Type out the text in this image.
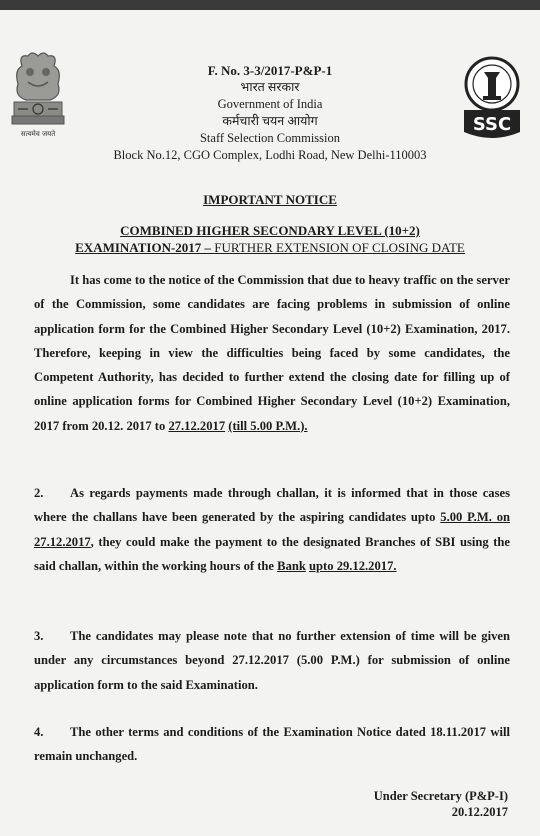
सत्यमेव जयते
F. No. 3-3/2017-P&P-1
भारत सरकार
Government of India
कर्मचारी चयन आयोग
Staff Selection Commission
Block No.12, CGO Complex, Lodhi Road, New Delhi-110003
SSC
IMPORTANT NOTICE
COMBINED HIGHER SECONDARY LEVEL (10+2)
EXAMINATION-2017 – FURTHER EXTENSION OF CLOSING DATE
It has come to the notice of the Commission that due to heavy traffic on the server of the Commission, some candidates are facing problems in submission of online application form for the Combined Higher Secondary Level (10+2) Examination, 2017. Therefore, keeping in view the difficulties being faced by some candidates, the Competent Authority, has decided to further extend the closing date for filling up of online application forms for Combined Higher Secondary Level (10+2) Examination, 2017 from 20.12. 2017 to 27.12.2017 (till 5.00 P.M.).
2. As regards payments made through challan, it is informed that in those cases where the challans have been generated by the aspiring candidates upto 5.00 P.M. on 27.12.2017, they could make the payment to the designated Branches of SBI using the said challan, within the working hours of the Bank upto 29.12.2017.
3. The candidates may please note that no further extension of time will be given under any circumstances beyond 27.12.2017 (5.00 P.M.) for submission of online application form to the said Examination.
4. The other terms and conditions of the Examination Notice dated 18.11.2017 will remain unchanged.
Under Secretary (P&P-I)
20.12.2017
